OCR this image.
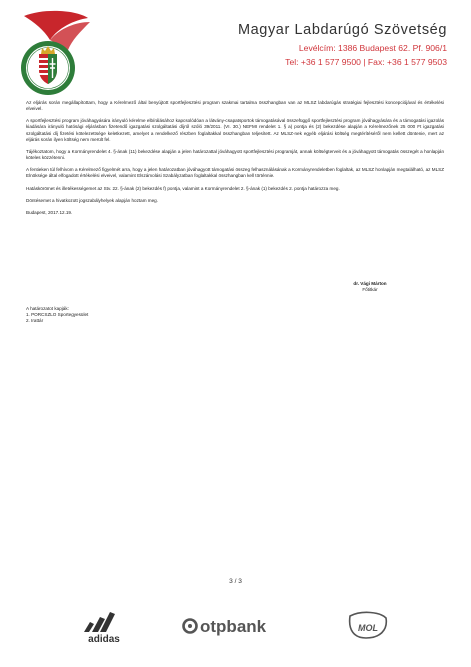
Magyar Labdarúgó Szövetség
Levélcím: 1386 Budapest 62. Pf. 906/1
Tel: +36 1 577 9500 | Fax: +36 1 577 9503

Az eljárás során megállapítottam, hogy a Kérelmező által benyújtott sportfejlesztési program szakmai tartalma összhangban van az MLSZ labdarúgás stratégiai fejlesztési koncepciójával és értékelési elveivel.

A sportfejlesztési program jóváhagyására irányuló kérelme elbírálásához kapcsolódóan a látvány-csapatsportok támogatásával összefüggő sportfejlesztési program jóváhagyására és a támogatási igazolás kiadására irányuló hatósági eljárásban fizetendő igazgatási szolgáltatási díjról szóló 39/2011. (VI. 30.) NEFMI rendelet 1. § a) pontja és (2) bekezdése alapján a Kérelmezőnek 25 000 Ft igazgatási szolgáltatási díj fizetési kötelezettsége keletkezett, amelyet a rendelkező részben foglaltakkal összhangban teljesített. Az MLSZ-nek egyéb eljárási költség megtérítéséről nem kellett döntenie, mert az eljárás során ilyen költség nem merült fel.

Tájékoztatom, hogy a Kormányrendelet 4. §-ának (11) bekezdése alapján a jelen határozattal jóváhagyott sportfejlesztési programját, annak költségterveit és a jóváhagyott támogatás összegét a honlapján köteles közzétenni.

A fentieken túl felhívom a Kérelmező figyelmét arra, hogy a jelen határozatban jóváhagyott támogatási összeg felhasználásának a Kormányrendeletben foglaltak, az MLSZ honlapján megtalálható, az MLSZ Elnöksége által elfogadott értékelési elveivel, valamint Elszámolási Szabályzatban foglaltakkal összhangban kell történnie.

Hatáskörömet és illetékességemet az Stv. 22. §-ának (2) bekezdés f) pontja, valamint a Kormányrendelet 2. §-ának (1) bekezdés 2. pontja határozza meg.

Döntésemet a hivatkozott jogszabályhelyek alapján hoztam meg.

Budapest, 2017.12.19.

dr. Vági Márton
Főtitkár
A határozatot kapják:
1. PORCSZLO Sportegyesület
2. Irattár
3 / 3
adidas
otpbank	MOL
